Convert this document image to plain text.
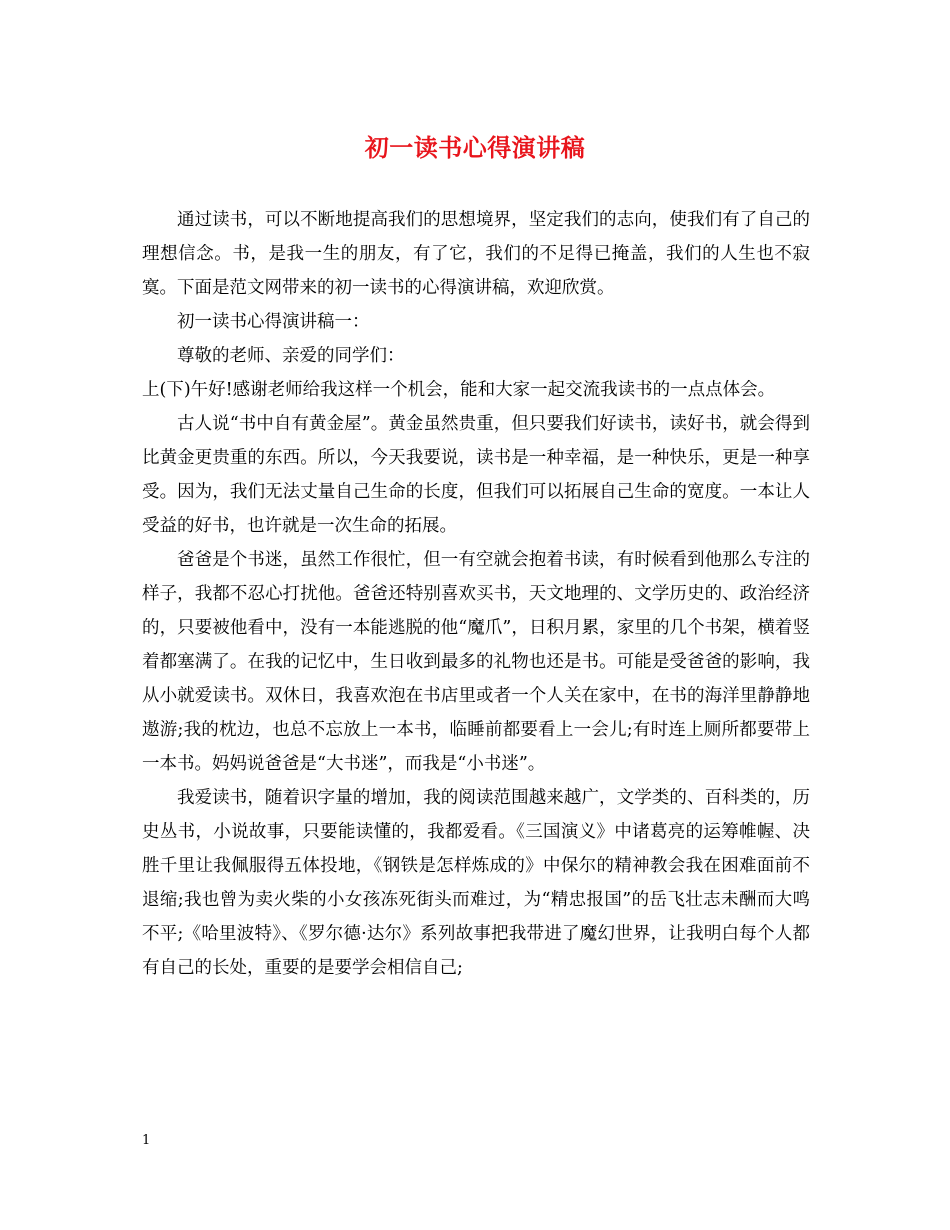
初一读书心得演讲稿

通过读书，可以不断地提高我们的思想境界，坚定我们的志向，使我们有了自己的理想信念。书，是我一生的朋友，有了它，我们的不足得已掩盖，我们的人生也不寂寞。下面是范文网带来的初一读书的心得演讲稿，欢迎欣赏。

初一读书心得演讲稿一：

尊敬的老师、亲爱的同学们：

上(下)午好!感谢老师给我这样一个机会，能和大家一起交流我读书的一点点体会。

古人说“书中自有黄金屋”。黄金虽然贵重，但只要我们好读书，读好书，就会得到比黄金更贵重的东西。所以，今天我要说，读书是一种幸福，是一种快乐，更是一种享受。因为，我们无法丈量自己生命的长度，但我们可以拓展自己生命的宽度。一本让人受益的好书，也许就是一次生命的拓展。

爸爸是个书迷，虽然工作很忙，但一有空就会抱着书读，有时候看到他那么专注的样子，我都不忍心打扰他。爸爸还特别喜欢买书，天文地理的、文学历史的、政治经济的，只要被他看中，没有一本能逃脱的他“魔爪”，日积月累，家里的几个书架，横着竖着都塞满了。在我的记忆中，生日收到最多的礼物也还是书。可能是受爸爸的影响，我从小就爱读书。双休日，我喜欢泡在书店里或者一个人关在家中，在书的海洋里静静地遨游;我的枕边，也总不忘放上一本书，临睡前都要看上一会儿;有时连上厕所都要带上一本书。妈妈说爸爸是“大书迷”，而我是“小书迷”。

我爱读书，随着识字量的增加，我的阅读范围越来越广，文学类的、百科类的，历史丛书，小说故事，只要能读懂的，我都爱看。《三国演义》中诸葛亮的运筹帷幄、决胜千里让我佩服得五体投地，《钢铁是怎样炼成的》中保尔的精神教会我在困难面前不退缩;我也曾为卖火柴的小女孩冻死街头而难过，为“精忠报国”的岳飞壮志未酬而大鸣不平;《哈里波特》、《罗尔德·达尔》系列故事把我带进了魔幻世界，让我明白每个人都有自己的长处，重要的是要学会相信自己;

1
